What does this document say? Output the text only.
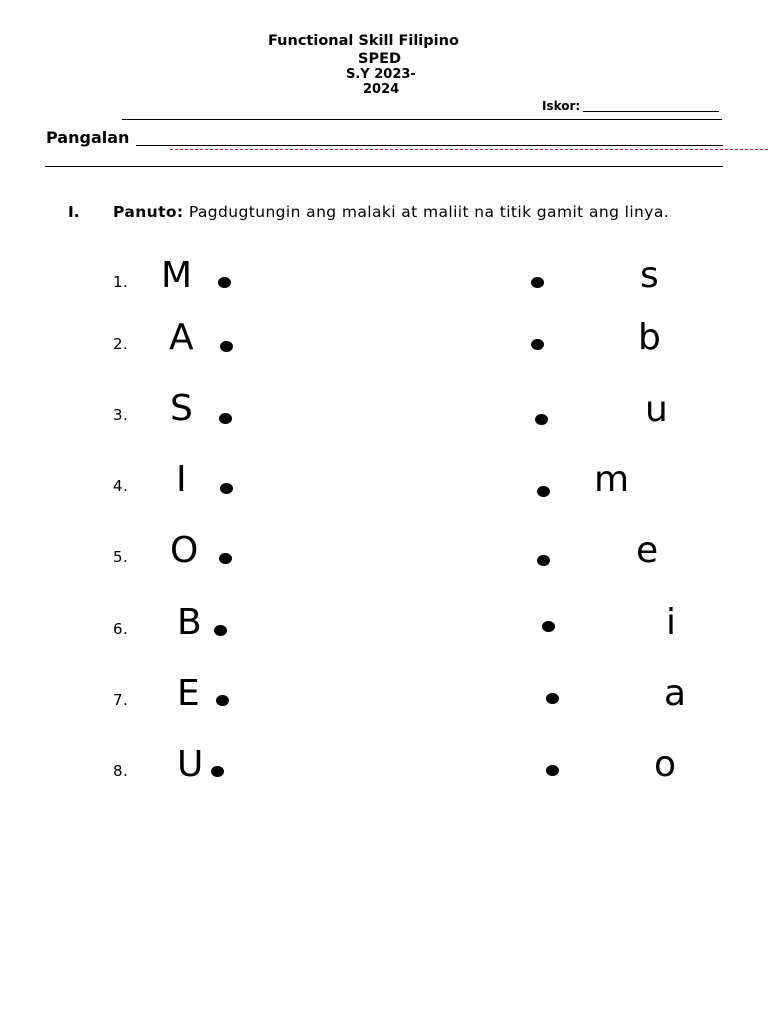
Functional Skill Filipino
SPED
S.Y 2023-
2024
Iskor:
Pangalan
I. Panuto: Pagdugtungin ang malaki at maliit na titik gamit ang linya.
1. M	s
2. A	b
3. S	u
4. I	m
5. O	e
6. B	i
7. E	a
8. U	o
